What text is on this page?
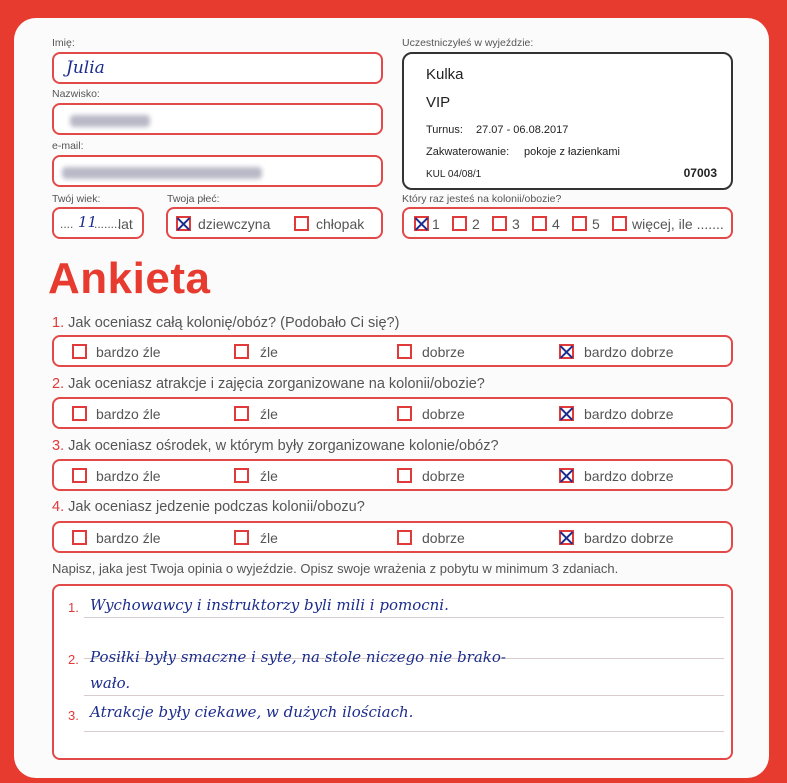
Imię:
Julia
Nazwisko:
e-mail:
Twój wiek:
.... 11
........
lat
Twoja płeć:
dziewczyna	chłopak
Uczestniczyłeś w wyjeździe:
Kulka
VIP
Turnus: 27.07 - 06.08.2017
Zakwaterowanie: pokoje z łazienkami
KUL 04/08/1	07003
Który raz jesteś na kolonii/obozie?
1 2 3 4 5 więcej, ile .......
Ankieta
1. Jak oceniasz całą kolonię/obóz? (Podobało Ci się?)
bardzo źle	źle	dobrze	bardzo dobrze
2. Jak oceniasz atrakcje i zajęcia zorganizowane na kolonii/obozie?
bardzo źle	źle	dobrze	bardzo dobrze
3. Jak oceniasz ośrodek, w którym były zorganizowane kolonie/obóz?
bardzo źle	źle	dobrze	bardzo dobrze
4. Jak oceniasz jedzenie podczas kolonii/obozu?
bardzo źle	źle	dobrze	bardzo dobrze
Napisz, jaka jest Twoja opinia o wyjeździe. Opisz swoje wrażenia z pobytu w minimum 3 zdaniach.
1. Wychowawcy i instruktorzy byli mili i pomocni.
2. Posiłki były smaczne i syte, na stole niczego nie brako-
wało.
3. Atrakcje były ciekawe, w dużych ilościach.
